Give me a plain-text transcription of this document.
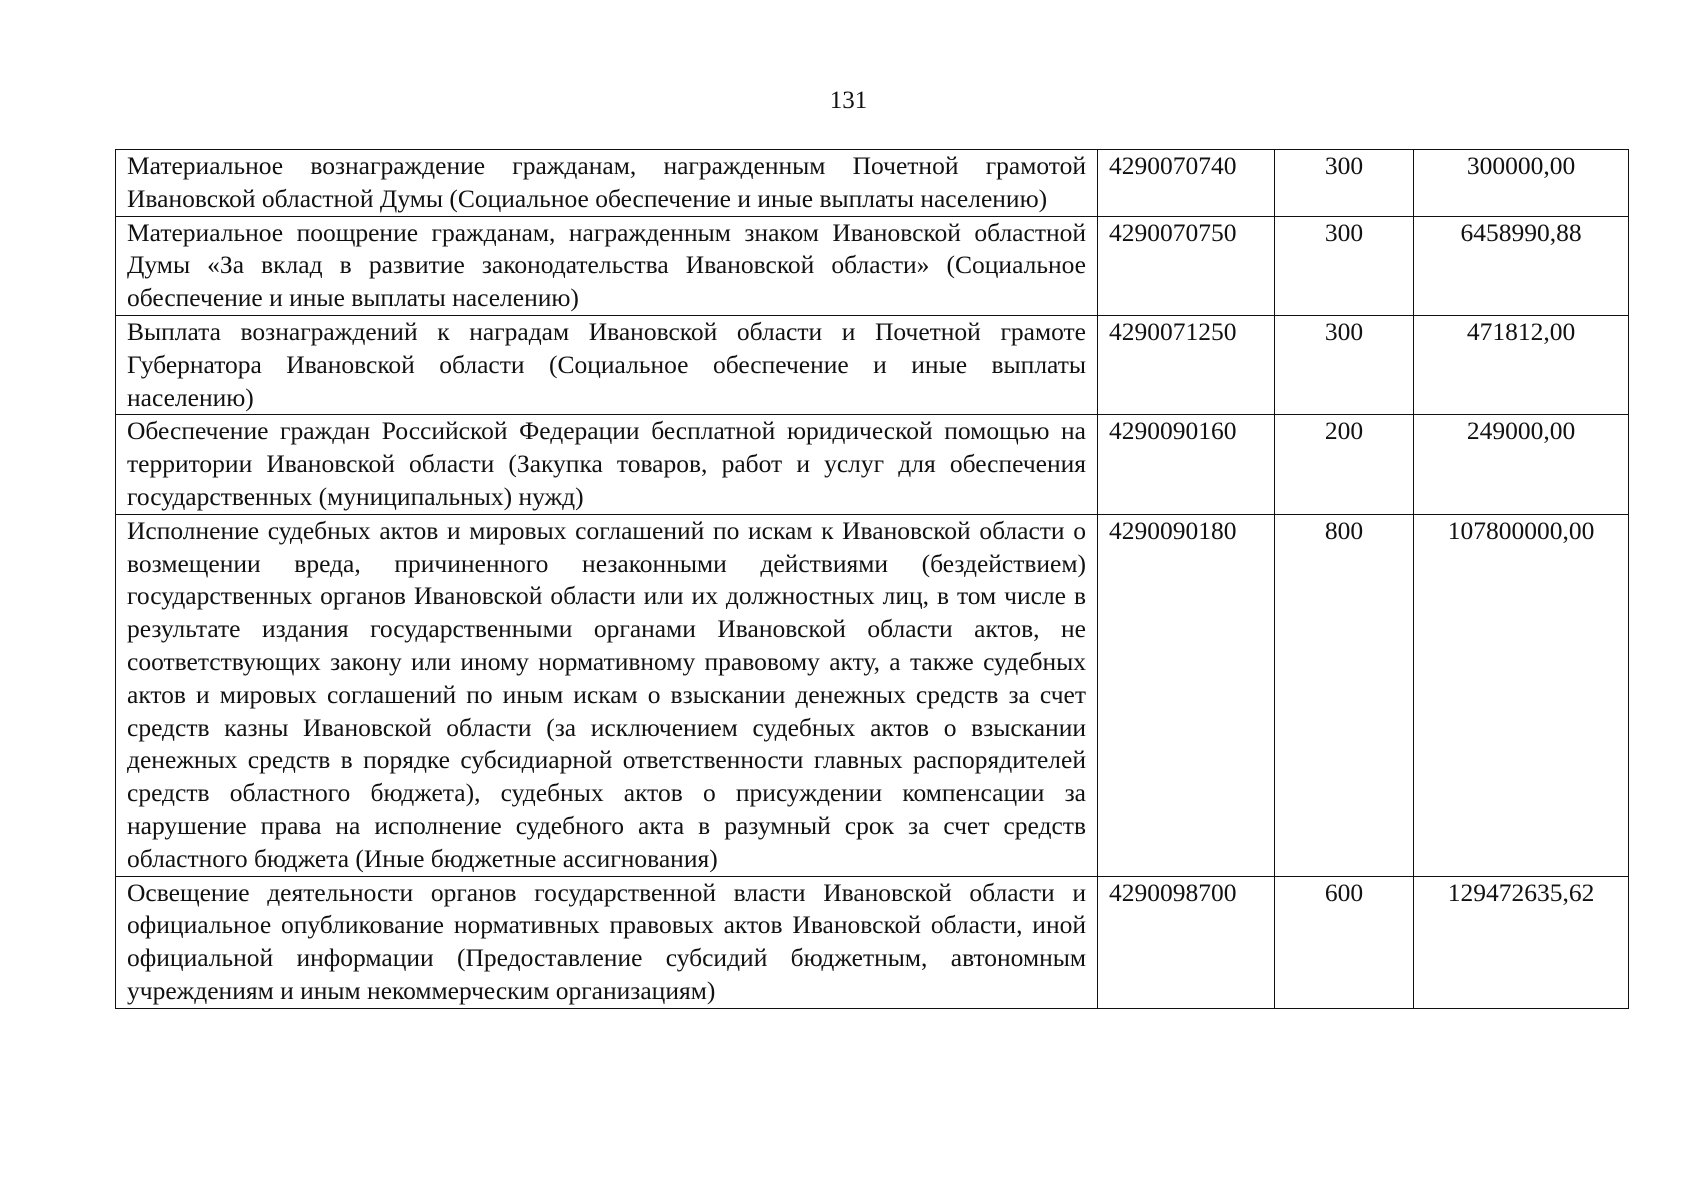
131
Материальное вознаграждение гражданам, награжденным Почетной грамотой Ивановской областной Думы (Социальное обеспечение и иные выплаты населению)	4290070740	300	300000,00
Материальное поощрение гражданам, награжденным знаком Ивановской областной Думы «За вклад в развитие законодательства Ивановской области» (Социальное обеспечение и иные выплаты населению)	4290070750	300	6458990,88
Выплата вознаграждений к наградам Ивановской области и Почетной грамоте Губернатора Ивановской области (Социальное обеспечение и иные выплаты населению)	4290071250	300	471812,00
Обеспечение граждан Российской Федерации бесплатной юридической помощью на территории Ивановской области (Закупка товаров, работ и услуг для обеспечения государственных (муниципальных) нужд)	4290090160	200	249000,00
Исполнение судебных актов и мировых соглашений по искам к Ивановской области о возмещении вреда, причиненного незаконными действиями (бездействием) государственных органов Ивановской области или их должностных лиц, в том числе в результате издания государственными органами Ивановской области актов, не соответствующих закону или иному нормативному правовому акту, а также судебных актов и мировых соглашений по иным искам о взыскании денежных средств за счет средств казны Ивановской области (за исключением судебных актов о взыскании денежных средств в порядке субсидиарной ответственности главных распорядителей средств областного бюджета), судебных актов о присуждении компенсации за нарушение права на исполнение судебного акта в разумный срок за счет средств областного бюджета (Иные бюджетные ассигнования)	4290090180	800	107800000,00
Освещение деятельности органов государственной власти Ивановской области и официальное опубликование нормативных правовых актов Ивановской области, иной официальной информации (Предоставление субсидий бюджетным, автономным учреждениям и иным некоммерческим организациям)	4290098700	600	129472635,62
